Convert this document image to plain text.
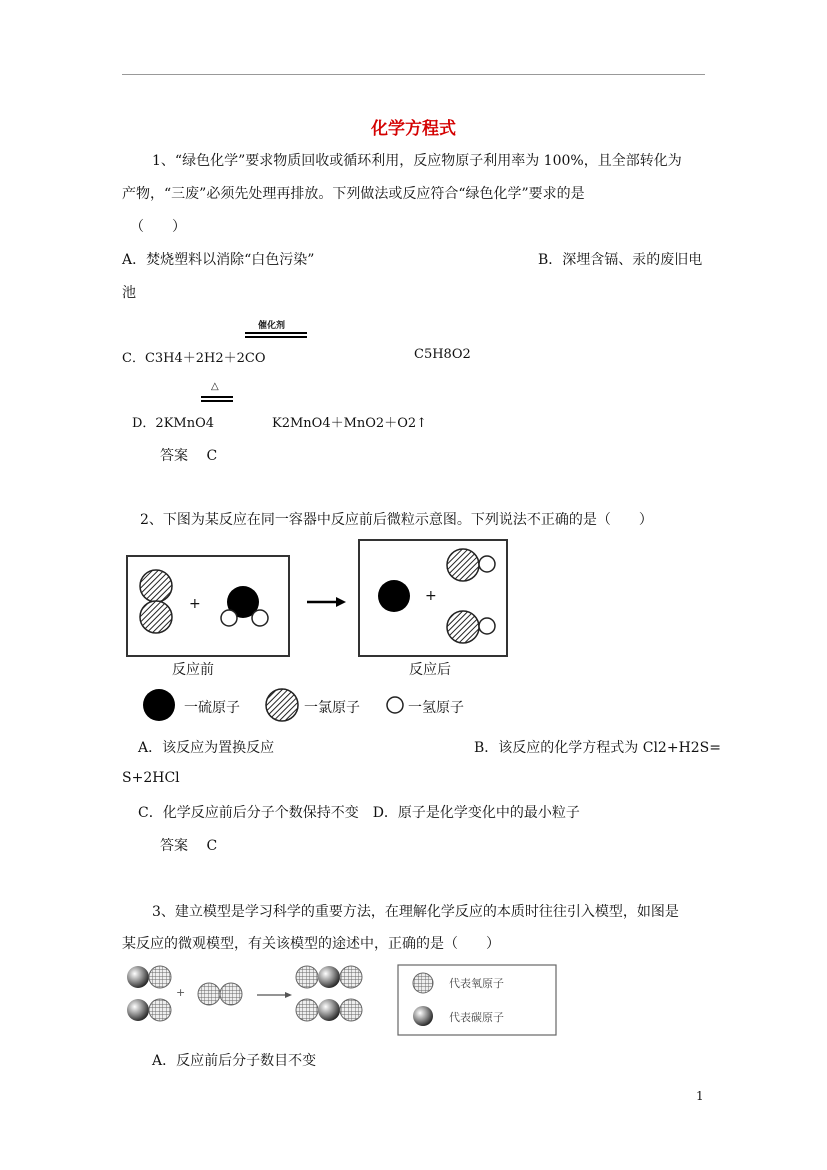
化学方程式
1、“绿色化学”要求物质回收或循环利用，反应物原子利用率为 100%，且全部转化为
产物，“三废”必须先处理再排放。下列做法或反应符合“绿色化学”要求的是
（　　）
A．焚烧塑料以消除“白色污染”	B．深埋含镉、汞的废旧电
池
催化剂
C．C3H4＋2H2＋2CO	C5H8O2
△
D．2KMnO4	K2MnO4＋MnO2＋O2↑
答案　 C
2、下图为某反应在同一容器中反应前后微粒示意图。下列说法不正确的是（　　）
+	+
反应前	反应后
一硫原子	一氯原子	一氢原子
A．该反应为置换反应	B．该反应的化学方程式为 Cl2+H2S=
S+2HCl
C．化学反应前后分子个数保持不变　D．原子是化学变化中的最小粒子
答案　 C
3、建立模型是学习科学的重要方法，在理解化学反应的本质时往往引入模型，如图是
某反应的微观模型，有关该模型的途述中，正确的是（　　）
+
代表氧原子
代表碳原子
A．反应前后分子数目不变
1
